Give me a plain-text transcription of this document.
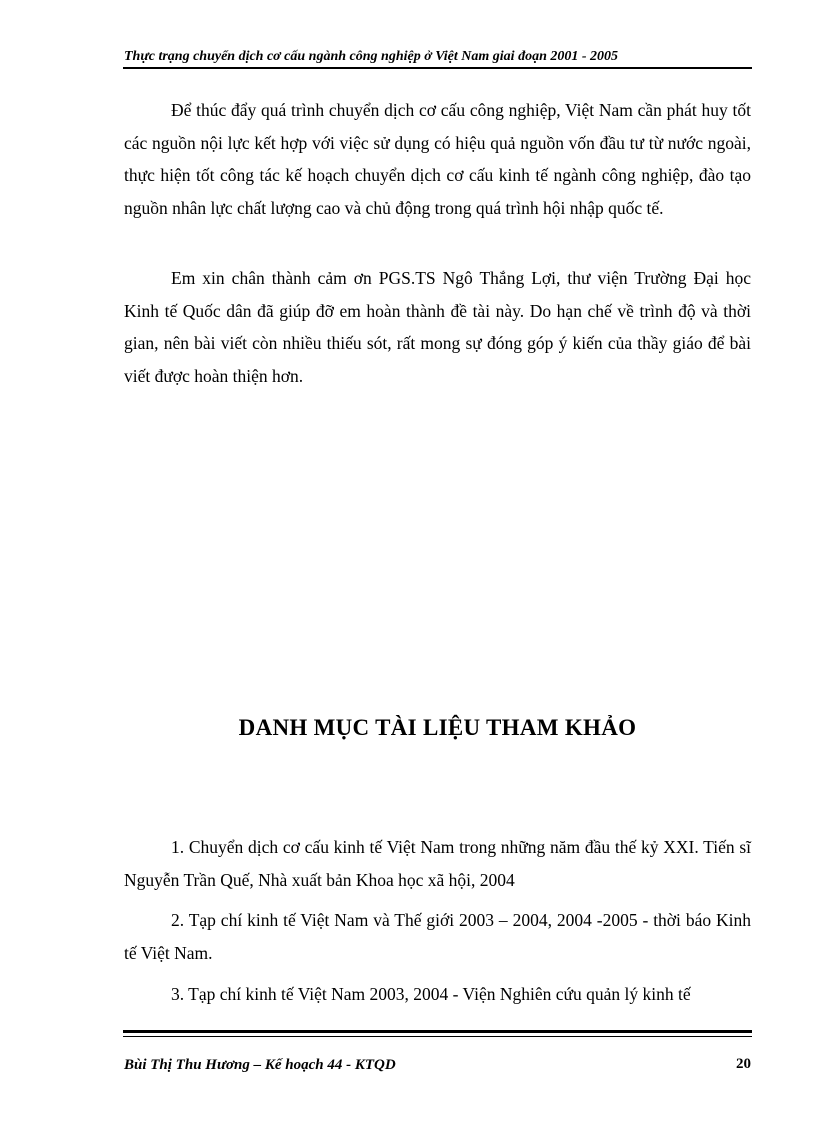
Thực trạng chuyển dịch cơ cấu ngành công nghiệp ở Việt Nam giai đoạn 2001 - 2005

Để thúc đẩy quá trình chuyển dịch cơ cấu công nghiệp, Việt Nam cần phát huy tốt các nguồn nội lực kết hợp với việc sử dụng có hiệu quả nguồn vốn đầu tư từ nước ngoài, thực hiện tốt công tác kế hoạch chuyển dịch cơ cấu kinh tế ngành công nghiệp, đào tạo nguồn nhân lực chất lượng cao và chủ động trong quá trình hội nhập quốc tế.

Em xin chân thành cảm ơn PGS.TS Ngô Thắng Lợi, thư viện Trường Đại học Kinh tế Quốc dân đã giúp đỡ em hoàn thành đề tài này. Do hạn chế về trình độ và thời gian, nên bài viết còn nhiều thiếu sót, rất mong sự đóng góp ý kiến của thầy giáo để bài viết được hoàn thiện hơn.

DANH MỤC TÀI LIỆU THAM KHẢO

1. Chuyển dịch cơ cấu kinh tế Việt Nam trong những năm đầu thế kỷ XXI. Tiến sĩ Nguyễn Trần Quế, Nhà xuất bản Khoa học xã hội, 2004

2. Tạp chí kinh tế Việt Nam và Thế giới 2003 – 2004, 2004 -2005 - thời báo Kinh tế Việt Nam.

3. Tạp chí kinh tế Việt Nam 2003, 2004 - Viện Nghiên cứu quản lý kinh tế

Bùi Thị Thu Hương – Kế hoạch 44 - KTQD	20
